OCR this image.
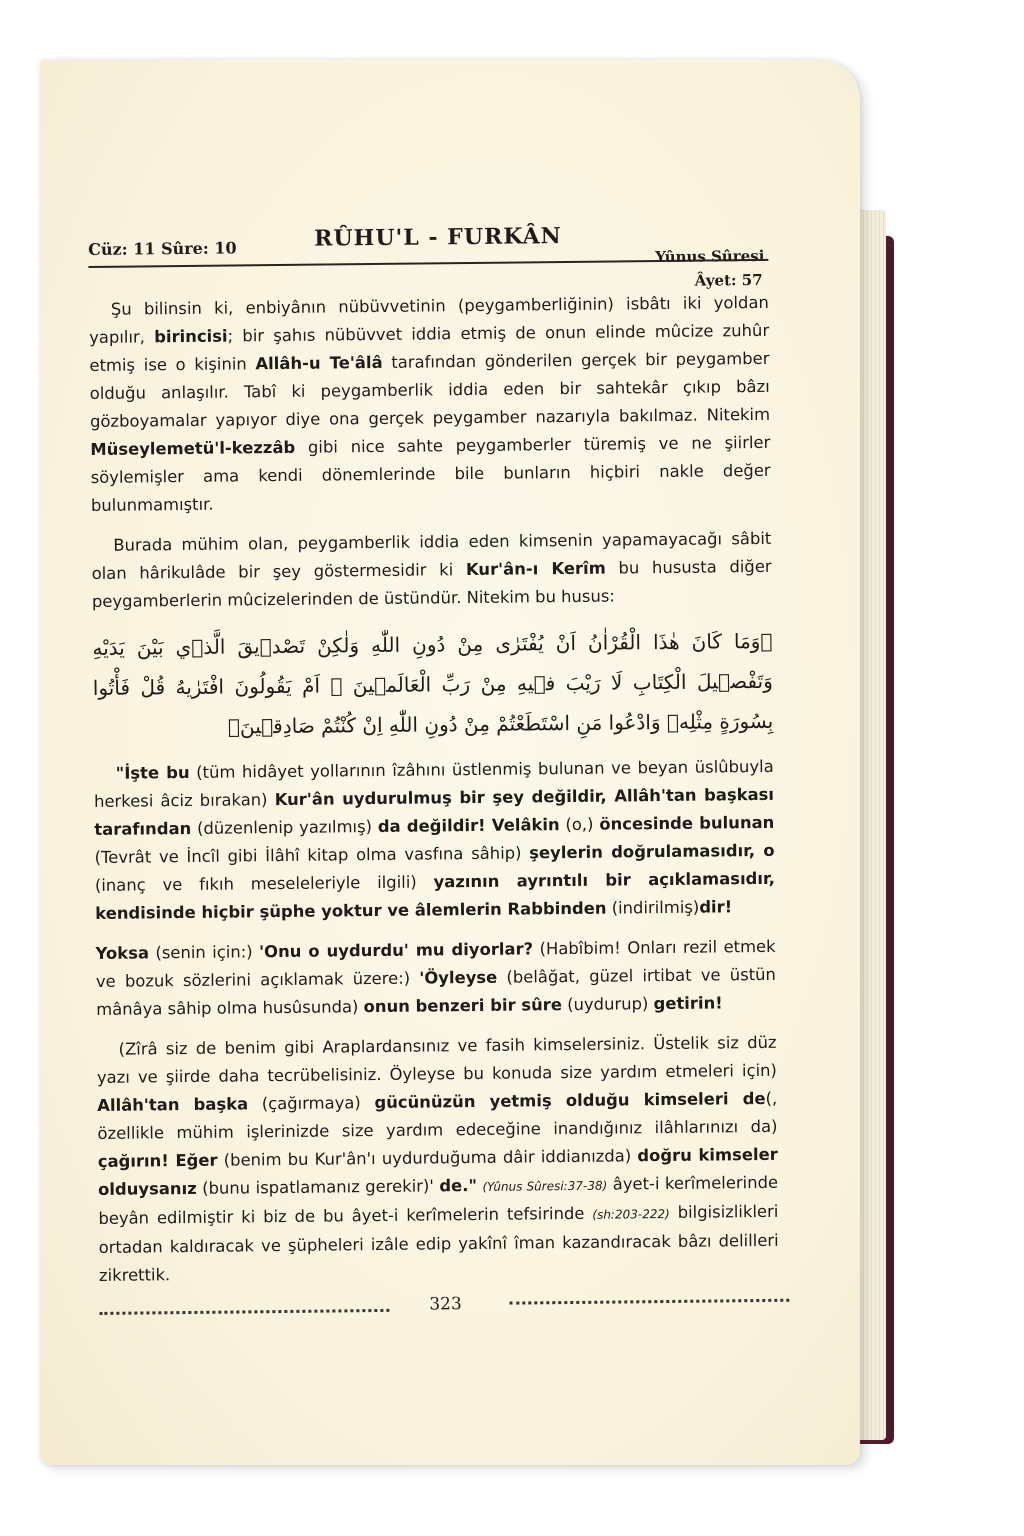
Cüz: 11 Sûre: 10	RÛHU'L - FURKÂN
Yûnus Sûresi
Âyet: 57

Şu bilinsin ki, enbiyânın nübüvvetinin (peygamberliğinin) isbâtı iki yoldan yapılır, birincisi; bir şahıs nübüvvet iddia etmiş de onun elinde mûcize zuhûr etmiş ise o kişinin Allâh-u Te'âlâ tarafından gönderilen gerçek bir peygamber olduğu anlaşılır. Tabî ki peygamberlik iddia eden bir sahtekâr çıkıp bâzı gözboyamalar yapıyor diye ona gerçek peygamber nazarıyla bakılmaz. Nitekim Müseylemetü'l-kezzâb gibi nice sahte peygamberler türemiş ve ne şiirler söylemişler ama kendi dönemlerinde bile bunların hiçbiri nakle değer bulunmamıştır.

Burada mühim olan, peygamberlik iddia eden kimsenin yapamayacağı sâbit olan hârikulâde bir şey göstermesidir ki Kur'ân-ı Kerîm bu hususta diğer peygamberlerin mûcizelerinden de üstündür. Nitekim bu husus:

﴿وَمَا كَانَ هٰذَا الْقُرْاٰنُ اَنْ يُفْتَرٰى مِنْ دُونِ اللّٰهِ وَلٰكِنْ تَصْدٖيقَ الَّذٖي بَيْنَ يَدَيْهِ وَتَفْصٖيلَ الْكِتَابِ لَا رَيْبَ فٖيهِ مِنْ رَبِّ الْعَالَمٖينَ ۞ اَمْ يَقُولُونَ افْتَرٰيهُ قُلْ فَأْتُوا بِسُورَةٍ مِثْلِهٖ وَادْعُوا مَنِ اسْتَطَعْتُمْ مِنْ دُونِ اللّٰهِ اِنْ كُنْتُمْ صَادِقٖينَ﴾

"İşte bu (tüm hidâyet yollarının îzâhını üstlenmiş bulunan ve beyan üslûbuyla herkesi âciz bırakan) Kur'ân uydurulmuş bir şey değildir, Allâh'tan başkası tarafından (düzenlenip yazılmış) da değildir! Velâkin (o,) öncesinde bulunan (Tevrât ve İncîl gibi İlâhî kitap olma vasfına sâhip) şeylerin doğrulamasıdır, o (inanç ve fıkıh meseleleriyle ilgili) yazının ayrıntılı bir açıklamasıdır, kendisinde hiçbir şüphe yoktur ve âlemlerin Rabbinden (indirilmiş)dir!

Yoksa (senin için:) 'Onu o uydurdu' mu diyorlar? (Habîbim! Onları rezil etmek ve bozuk sözlerini açıklamak üzere:) 'Öyleyse (belâğat, güzel irtibat ve üstün mânâya sâhip olma husûsunda) onun benzeri bir sûre (uydurup) getirin!

(Zîrâ siz de benim gibi Araplardansınız ve fasih kimselersiniz. Üstelik siz düz yazı ve şiirde daha tecrübelisiniz. Öyleyse bu konuda size yardım etmeleri için) Allâh'tan başka (çağırmaya) gücünüzün yetmiş olduğu kimseleri de(, özellikle mühim işlerinizde size yardım edeceğine inandığınız ilâhlarınızı da) çağırın! Eğer (benim bu Kur'ân'ı uydurduğuma dâir iddianızda) doğru kimseler olduysanız (bunu ispatlamanız gerekir)' de." (Yûnus Sûresi:37-38) âyet-i kerîmelerinde beyân edilmiştir ki biz de bu âyet-i kerîmelerin tefsirinde (sh:203-222) bilgisizlikleri ortadan kaldıracak ve şüpheleri izâle edip yakînî îman kazandıracak bâzı delilleri zikrettik.

323
